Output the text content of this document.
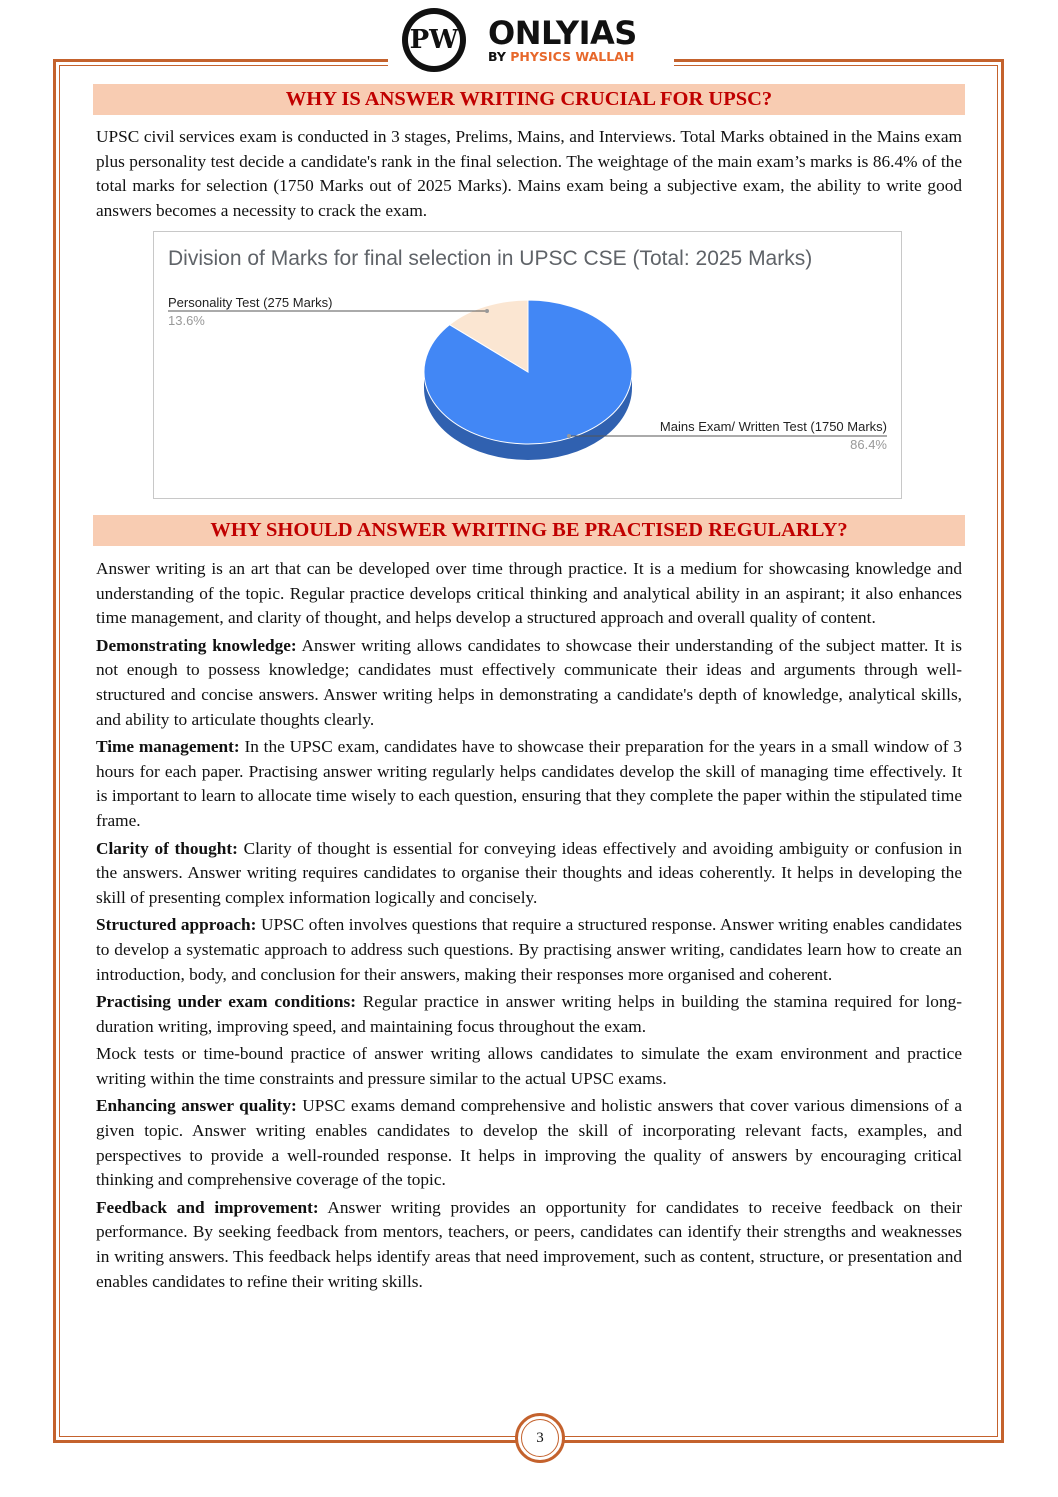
PW ONLYIAS
BY PHYSICS WALLAH
WHY IS ANSWER WRITING CRUCIAL FOR UPSC?

UPSC civil services exam is conducted in 3 stages, Prelims, Mains, and Interviews. Total Marks obtained in the Mains exam plus personality test decide a candidate's rank in the final selection. The weightage of the main exam’s marks is 86.4% of the total marks for selection (1750 Marks out of 2025 Marks). Mains exam being a subjective exam, the ability to write good answers becomes a necessity to crack the exam.

Division of Marks for final selection in UPSC CSE (Total: 2025 Marks)
Personality Test (275 Marks)
13.6%
Mains Exam/ Written Test (1750 Marks)
86.4%
WHY SHOULD ANSWER WRITING BE PRACTISED REGULARLY?

Answer writing is an art that can be developed over time through practice. It is a medium for showcasing knowledge and understanding of the topic. Regular practice develops critical thinking and analytical ability in an aspirant; it also enhances time management, and clarity of thought, and helps develop a structured approach and overall quality of content.

Demonstrating knowledge: Answer writing allows candidates to showcase their understanding of the subject matter. It is not enough to possess knowledge; candidates must effectively communicate their ideas and arguments through well-structured and concise answers. Answer writing helps in demonstrating a candidate's depth of knowledge, analytical skills, and ability to articulate thoughts clearly.

Time management: In the UPSC exam, candidates have to showcase their preparation for the years in a small window of 3 hours for each paper. Practising answer writing regularly helps candidates develop the skill of managing time effectively. It is important to learn to allocate time wisely to each question, ensuring that they complete the paper within the stipulated time frame.

Clarity of thought: Clarity of thought is essential for conveying ideas effectively and avoiding ambiguity or confusion in the answers. Answer writing requires candidates to organise their thoughts and ideas coherently. It helps in developing the skill of presenting complex information logically and concisely.

Structured approach: UPSC often involves questions that require a structured response. Answer writing enables candidates to develop a systematic approach to address such questions. By practising answer writing, candidates learn how to create an introduction, body, and conclusion for their answers, making their responses more organised and coherent.

Practising under exam conditions: Regular practice in answer writing helps in building the stamina required for long-duration writing, improving speed, and maintaining focus throughout the exam.

Mock tests or time-bound practice of answer writing allows candidates to simulate the exam environment and practice writing within the time constraints and pressure similar to the actual UPSC exams.

Enhancing answer quality: UPSC exams demand comprehensive and holistic answers that cover various dimensions of a given topic. Answer writing enables candidates to develop the skill of incorporating relevant facts, examples, and perspectives to provide a well-rounded response. It helps in improving the quality of answers by encouraging critical thinking and comprehensive coverage of the topic.

Feedback and improvement: Answer writing provides an opportunity for candidates to receive feedback on their performance. By seeking feedback from mentors, teachers, or peers, candidates can identify their strengths and weaknesses in writing answers. This feedback helps identify areas that need improvement, such as content, structure, or presentation and enables candidates to refine their writing skills.

3
